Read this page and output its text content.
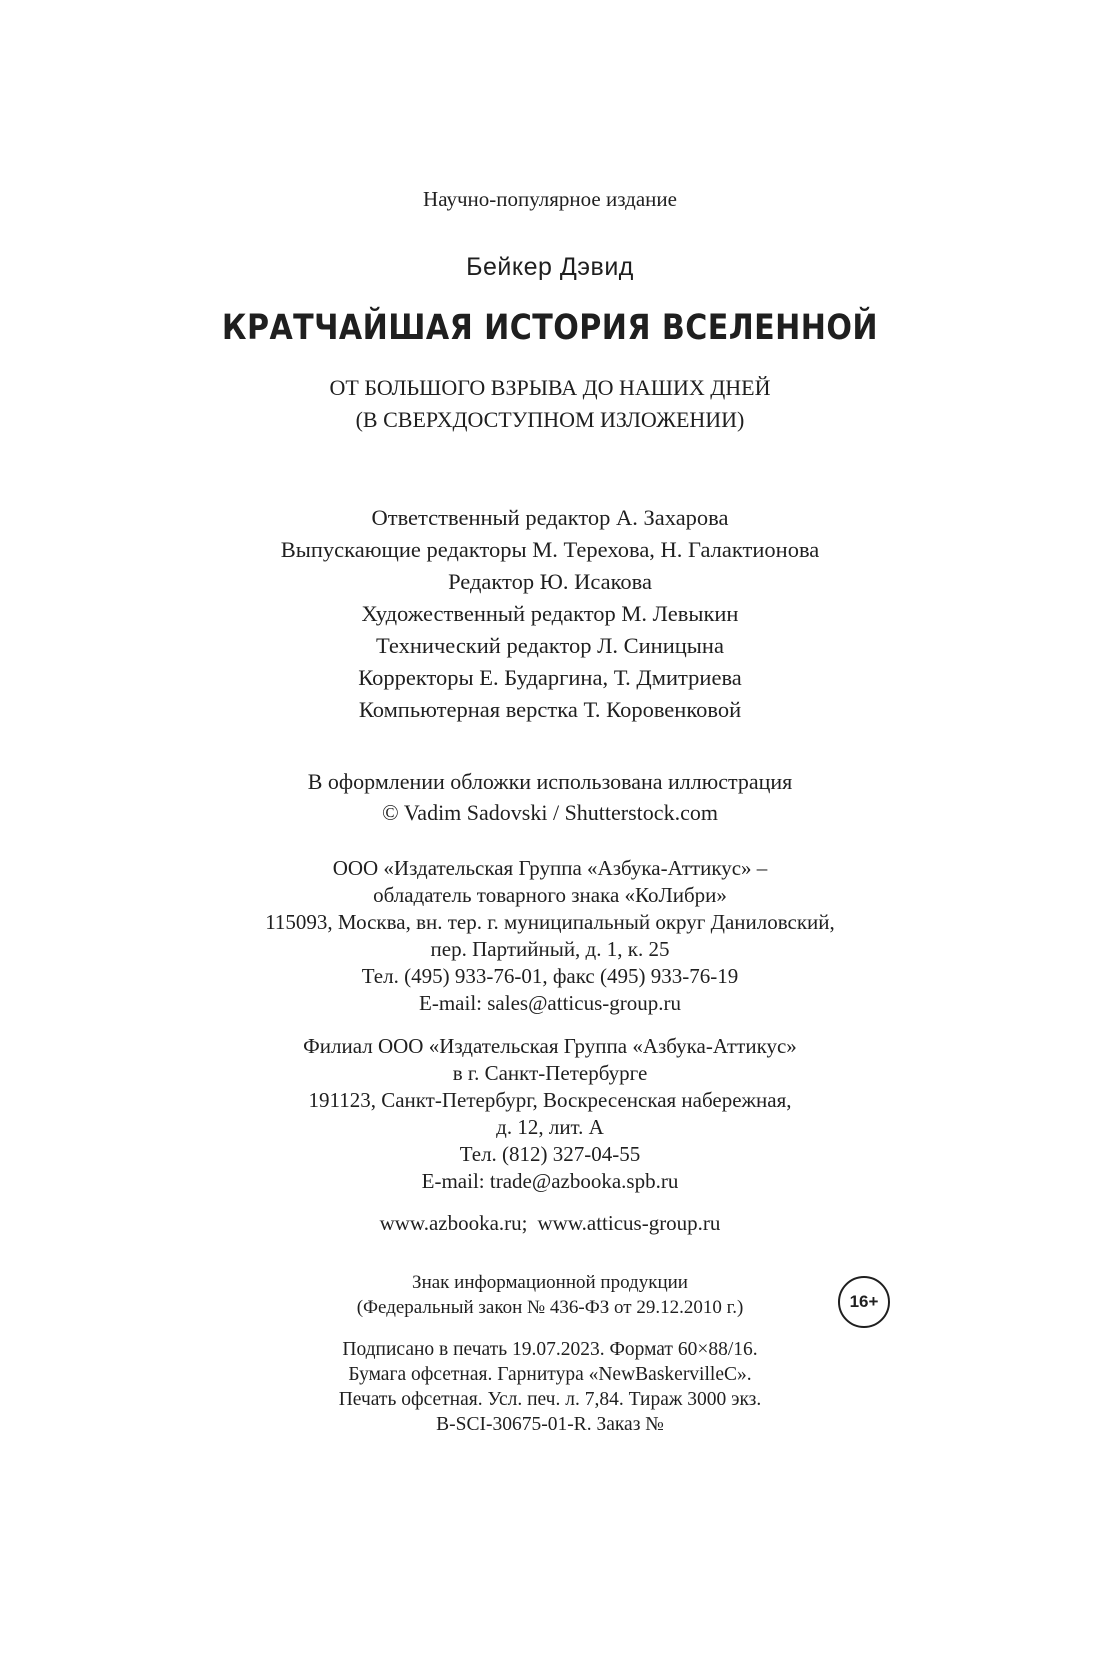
Научно-популярное издание
Бейкер Дэвид
КРАТЧАЙШАЯ ИСТОРИЯ ВСЕЛЕННОЙ
ОТ БОЛЬШОГО ВЗРЫВА ДО НАШИХ ДНЕЙ
(В СВЕРХДОСТУПНОМ ИЗЛОЖЕНИИ)
Ответственный редактор А. Захарова
Выпускающие редакторы М. Терехова, Н. Галактионова
Редактор Ю. Исакова
Художественный редактор М. Левыкин
Технический редактор Л. Синицына
Корректоры Е. Бударгина, Т. Дмитриева
Компьютерная верстка Т. Коровенковой
В оформлении обложки использована иллюстрация
© Vadim Sadovski / Shutterstock.com
ООО «Издательская Группа «Азбука-Аттикус» –
обладатель товарного знака «КоЛибри»
115093, Москва, вн. тер. г. муниципальный округ Даниловский,
пер. Партийный, д. 1, к. 25
Тел. (495) 933-76-01, факс (495) 933-76-19
E-mail: sales@atticus-group.ru
Филиал ООО «Издательская Группа «Азбука-Аттикус»
в г. Санкт-Петербурге
191123, Санкт-Петербург, Воскресенская набережная,
д. 12, лит. А
Тел. (812) 327-04-55
E-mail: trade@azbooka.spb.ru
www.azbooka.ru; www.atticus-group.ru
Знак информационной продукции
(Федеральный закон № 436-ФЗ от 29.12.2010 г.)	16+
Подписано в печать 19.07.2023. Формат 60×88/16.
Бумага офсетная. Гарнитура «NewBaskervilleC».
Печать офсетная. Усл. печ. л. 7,84. Тираж 3000 экз.
B-SCI-30675-01-R. Заказ №
